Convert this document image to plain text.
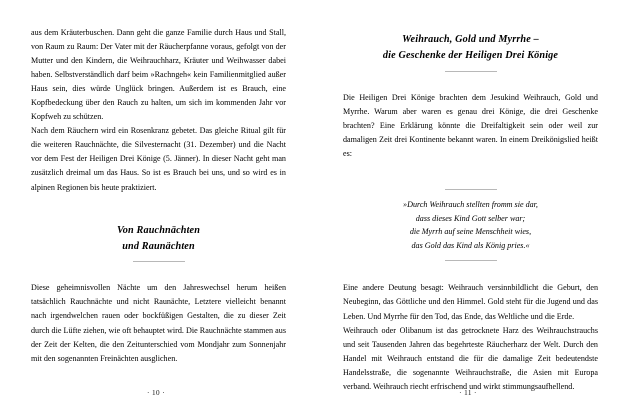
aus dem Kräuterbuschen. Dann geht die ganze Familie durch Haus und Stall, von Raum zu Raum: Der Vater mit der Räucherpfanne voraus, gefolgt von der Mutter und den Kindern, die Weihrauchharz, Kräuter und Weihwasser dabei haben. Selbstverständlich darf beim »Rachngeh« kein Familienmitglied außer Haus sein, dies würde Unglück bringen. Außerdem ist es Brauch, eine Kopfbedeckung über den Rauch zu halten, um sich im kommenden Jahr vor Kopfweh zu schützen.

Nach dem Räuchern wird ein Rosenkranz gebetet. Das gleiche Ritual gilt für die weiteren Rauchnächte, die Silvesternacht (31. Dezember) und die Nacht vor dem Fest der Heiligen Drei Könige (5. Jänner). In dieser Nacht geht man zusätzlich dreimal um das Haus. So ist es Brauch bei uns, und so wird es in alpinen Regionen bis heute praktiziert.

Von Rauchnächten
und Raunächten

Diese geheimnisvollen Nächte um den Jahreswechsel herum heißen tatsächlich Rauchnächte und nicht Raunächte, Letztere vielleicht benannt nach irgendwelchen rauen oder bockfüßigen Gestalten, die zu dieser Zeit durch die Lüfte ziehen, wie oft behauptet wird. Die Rauchnächte stammen aus der Zeit der Kelten, die den Zeitunterschied vom Mondjahr zum Sonnenjahr mit den sogenannten Freinächten ausglichen.

· 10 ·
Weihrauch, Gold und Myrrhe –
die Geschenke der Heiligen Drei Könige

Die Heiligen Drei Könige brachten dem Jesukind Weihrauch, Gold und Myrrhe. Warum aber waren es genau drei Könige, die drei Geschenke brachten? Eine Erklärung könnte die Dreifaltigkeit sein oder weil zur damaligen Zeit drei Kontinente bekannt waren. In einem Dreikönigslied heißt es:

»Durch Weihrauch stellten fromm sie dar,
dass dieses Kind Gott selber war;
die Myrrh auf seine Menschheit wies,
das Gold das Kind als König pries.«

Eine andere Deutung besagt: Weihrauch versinnbildlicht die Geburt, den Neubeginn, das Göttliche und den Himmel. Gold steht für die Jugend und das Leben. Und Myrrhe für den Tod, das Ende, das Weltliche und die Erde.

Weihrauch oder Olibanum ist das getrocknete Harz des Weihrauchstrauchs und seit Tausenden Jahren das begehrteste Räucherharz der Welt. Durch den Handel mit Weihrauch entstand die für die damalige Zeit bedeutendste Handelsstraße, die sogenannte Weihrauchstraße, die Asien mit Europa verband. Weihrauch riecht erfrischend und wirkt stimmungsaufhellend.

· 11 ·
